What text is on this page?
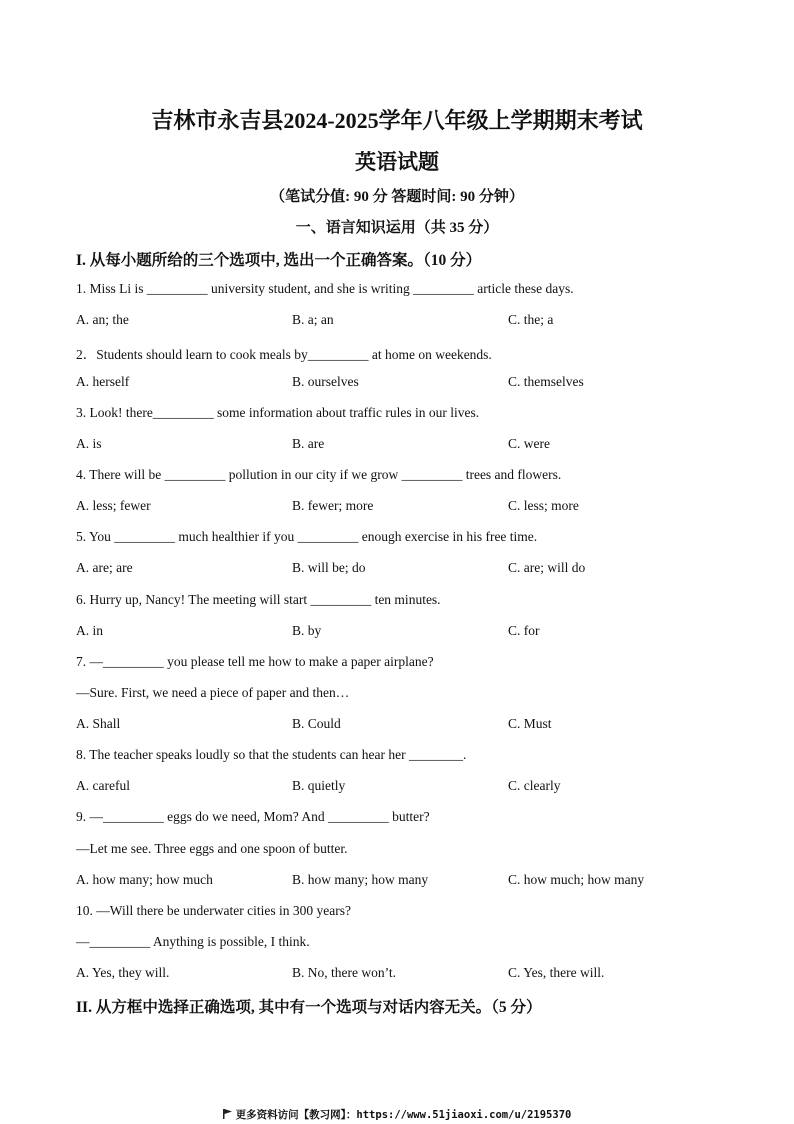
吉林市永吉县2024-2025学年八年级上学期期末考试
英语试题
（笔试分值: 90 分 答题时间: 90 分钟）
一、语言知识运用（共 35 分）
I. 从每小题所给的三个选项中, 选出一个正确答案。（10 分）
1. Miss Li is _________ university student, and she is writing _________ article these days.
A. an; the	B. a; an	C. the; a
2．Students should learn to cook meals by_________ at home on weekends.
A. herself	B. ourselves	C. themselves
3. Look! there_________ some information about traffic rules in our lives.
A. is	B. are	C. were
4. There will be _________ pollution in our city if we grow _________ trees and flowers.
A. less; fewer	B. fewer; more	C. less; more
5. You _________ much healthier if you _________ enough exercise in his free time.
A. are; are	B. will be; do	C. are; will do
6. Hurry up, Nancy! The meeting will start _________ ten minutes.
A. in	B. by	C. for
7. —_________ you please tell me how to make a paper airplane?
—Sure. First, we need a piece of paper and then…
A. Shall	B. Could	C. Must
8. The teacher speaks loudly so that the students can hear her ________.
A. careful	B. quietly	C. clearly
9. —_________ eggs do we need, Mom? And _________ butter?
—Let me see. Three eggs and one spoon of butter.
A. how many; how much	B. how many; how many	C. how much; how many
10. —Will there be underwater cities in 300 years?
—_________ Anything is possible, I think.
A. Yes, they will.	B. No, there won’t.	C. Yes, there will.
II. 从方框中选择正确选项, 其中有一个选项与对话内容无关。（5 分）
更多资料访问【教习网】：https://www.51jiaoxi.com/u/2195370
